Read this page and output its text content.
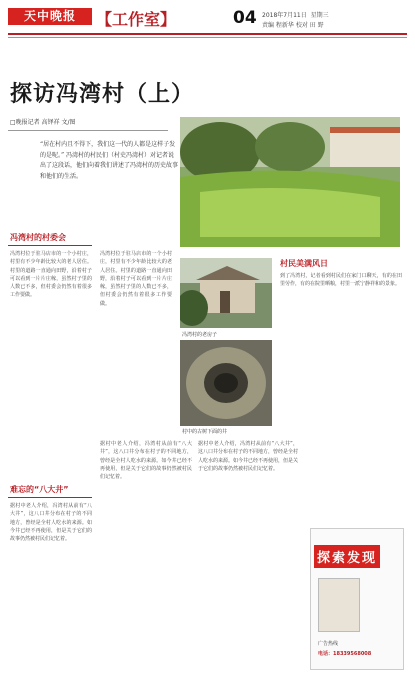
天中晚报	【工作室】	04 2018年7月11日 星期三
责编 程新华 校对 田 野
探访冯湾村（上）
□晚报记者 高铎祥 文/图
“居在村内且不得下，我们这一代的人都是这样子发的是呢。” 冯湾村的村民们（村史冯湾村）对记者说出了这段话，他们向着我们讲述了冯湾村的历史故事和他们的生活。
冯湾村的村委会
冯湾村位于驻马店市的一个小村庄，村里有不少年龄比较大的老人居住。村里的道路一直通向田野，沿着村子可以看到一片片庄稼，虽然村子里的人数已不多，但村委会仍然有着很多工作要做。
冯湾村位于驻马店市的一个小村庄，村里有不少年龄比较大的老人居住。村里的道路一直通向田野，沿着村子可以看到一片片庄稼，虽然村子里的人数已不多，但村委会仍然有着很多工作要做。
冯湾村的老房子
村中的古树下面的井
村民美满风日
到了冯湾村，记者看到村民们在家门口聊天，有的在田里劳作，有的在院里晒粮，村里一派宁静祥和的景象。
难忘的“八大井”
据村中老人介绍，冯湾村从前有“八大井”，这八口井分布在村子的不同地方，曾经是全村人吃水的来源。如今井已经不再使用，但是关于它们的故事仍然被村民们记忆着。
据村中老人介绍，冯湾村从前有“八大井”，这八口井分布在村子的不同地方，曾经是全村人吃水的来源。如今井已经不再使用，但是关于它们的故事仍然被村民们记忆着。
据村中老人介绍，冯湾村从前有“八大井”，这八口井分布在村子的不同地方，曾经是全村人吃水的来源。如今井已经不再使用，但是关于它们的故事仍然被村民们记忆着。
探索发现
广告热线
电话：18339568008
